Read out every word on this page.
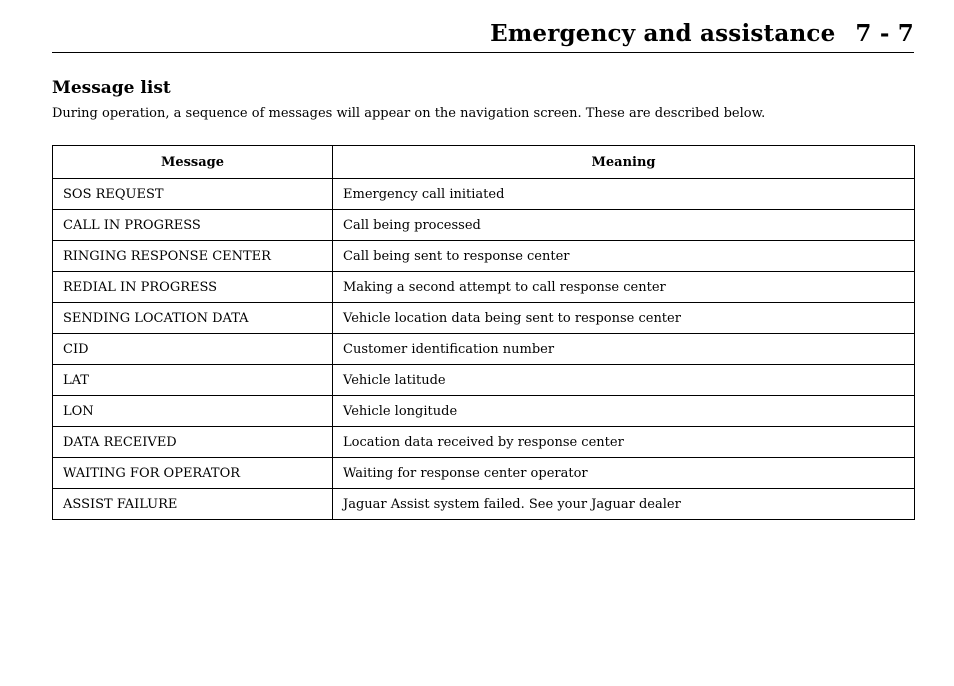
Emergency and assistance 7 - 7
Message list

During operation, a sequence of messages will appear on the navigation screen. These are described below.

Message	Meaning
SOS REQUEST	Emergency call initiated
CALL IN PROGRESS	Call being processed
RINGING RESPONSE CENTER	Call being sent to response center
REDIAL IN PROGRESS	Making a second attempt to call response center
SENDING LOCATION DATA	Vehicle location data being sent to response center
CID	Customer identification number
LAT	Vehicle latitude
LON	Vehicle longitude
DATA RECEIVED	Location data received by response center
WAITING FOR OPERATOR	Waiting for response center operator
ASSIST FAILURE	Jaguar Assist system failed. See your Jaguar dealer
